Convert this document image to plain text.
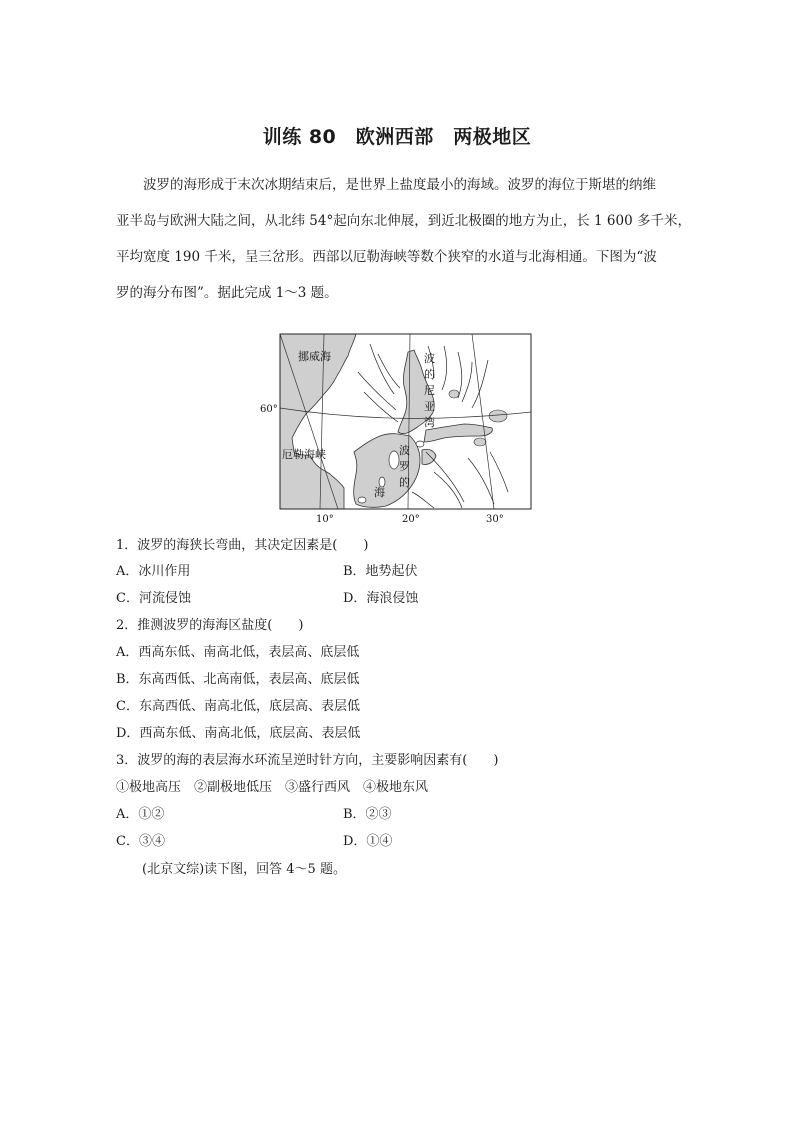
训练 80　欧洲西部　两极地区
波罗的海形成于末次冰期结束后，是世界上盐度最小的海域。波罗的海位于斯堪的纳维
亚半岛与欧洲大陆之间，从北纬 54°起向东北伸展，到近北极圈的地方为止，长 1 600 多千米，
平均宽度 190 千米，呈三岔形。西部以厄勒海峡等数个狭窄的水道与北海相通。下图为“波
罗的海分布图”。据此完成 1～3 题。
挪威海	波
的
尼
亚
湾
厄勒海峡	波
罗
的
海
60°
10°	20°	30°
1．波罗的海狭长弯曲，其决定因素是(　　)
A．冰川作用	B．地势起伏
C．河流侵蚀	D．海浪侵蚀
2．推测波罗的海海区盐度(　　)
A．西高东低、南高北低，表层高、底层低
B．东高西低、北高南低，表层高、底层低
C．东高西低、南高北低，底层高、表层低
D．西高东低、南高北低，底层高、表层低
3．波罗的海的表层海水环流呈逆时针方向，主要影响因素有(　　)
①极地高压　②副极地低压　③盛行西风　④极地东风
A．①②	B．②③
C．③④	D．①④
(北京文综)读下图，回答 4～5 题。
